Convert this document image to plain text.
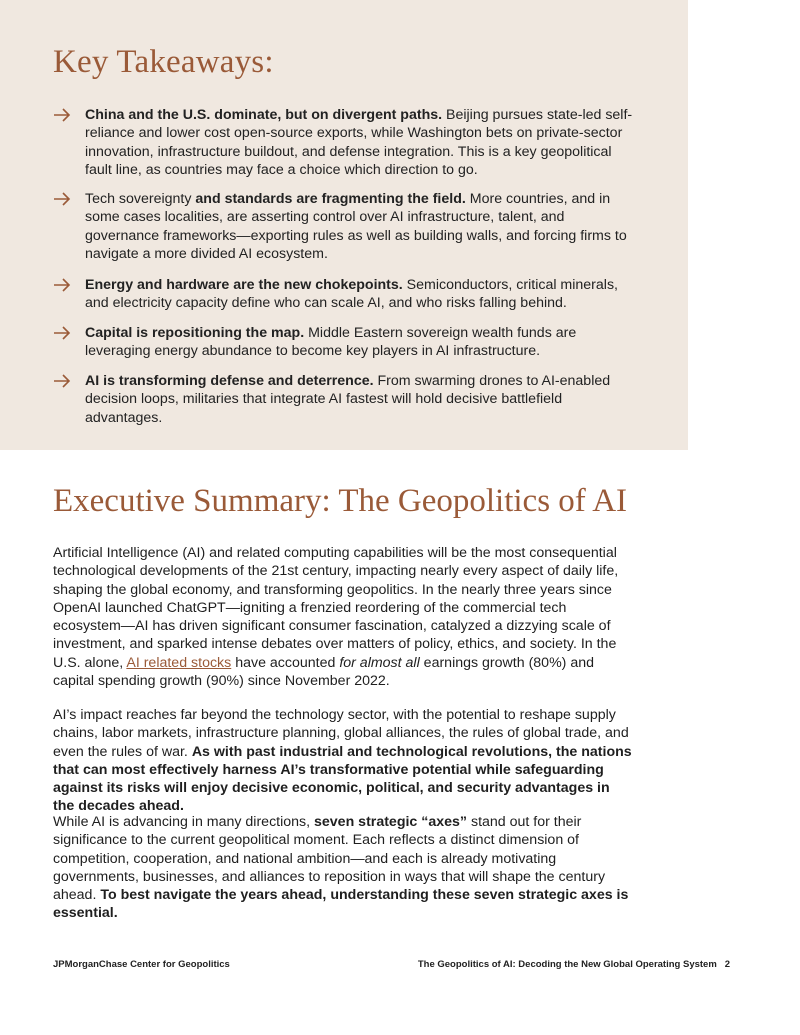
Key Takeaways:
China and the U.S. dominate, but on divergent paths. Beijing pursues state-led self-reliance and lower cost open-source exports, while Washington bets on private-sector innovation, infrastructure buildout, and defense integration. This is a key geopolitical fault line, as countries may face a choice which direction to go.
Tech sovereignty and standards are fragmenting the field. More countries, and in some cases localities, are asserting control over AI infrastructure, talent, and governance frameworks—exporting rules as well as building walls, and forcing firms to navigate a more divided AI ecosystem.
Energy and hardware are the new chokepoints. Semiconductors, critical minerals, and electricity capacity define who can scale AI, and who risks falling behind.
Capital is repositioning the map. Middle Eastern sovereign wealth funds are leveraging energy abundance to become key players in AI infrastructure.
AI is transforming defense and deterrence. From swarming drones to AI-enabled decision loops, militaries that integrate AI fastest will hold decisive battlefield advantages.
Executive Summary: The Geopolitics of AI

Artificial Intelligence (AI) and related computing capabilities will be the most consequential technological developments of the 21st century, impacting nearly every aspect of daily life, shaping the global economy, and transforming geopolitics. In the nearly three years since OpenAI launched ChatGPT—igniting a frenzied reordering of the commercial tech ecosystem—AI has driven significant consumer fascination, catalyzed a dizzying scale of investment, and sparked intense debates over matters of policy, ethics, and society. In the U.S. alone, AI related stocks have accounted for almost all earnings growth (80%) and capital spending growth (90%) since November 2022.

AI’s impact reaches far beyond the technology sector, with the potential to reshape supply chains, labor markets, infrastructure planning, global alliances, the rules of global trade, and even the rules of war. As with past industrial and technological revolutions, the nations that can most effectively harness AI’s transformative potential while safeguarding against its risks will enjoy decisive economic, political, and security advantages in the decades ahead.

While AI is advancing in many directions, seven strategic “axes” stand out for their significance to the current geopolitical moment. Each reflects a distinct dimension of competition, cooperation, and national ambition—and each is already motivating governments, businesses, and alliances to reposition in ways that will shape the century ahead. To best navigate the years ahead, understanding these seven strategic axes is essential.

JPMorganChase Center for Geopolitics	The Geopolitics of AI: Decoding the New Global Operating System 2
